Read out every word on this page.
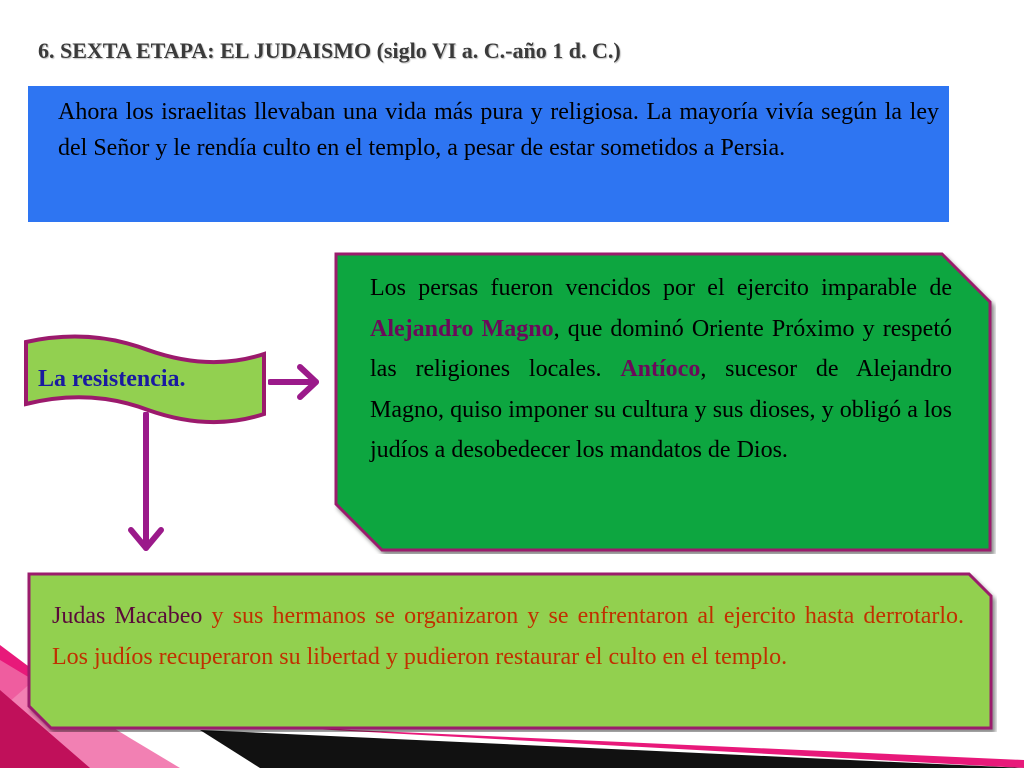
6. SEXTA ETAPA: EL JUDAISMO (siglo VI a. C.-año 1 d. C.)
Ahora los israelitas llevaban una vida más pura y religiosa. La mayoría vivía según la ley del Señor y le rendía culto en el templo, a pesar de estar sometidos a Persia.
La resistencia.
Los persas fueron vencidos por el ejercito imparable de Alejandro Magno, que dominó Oriente Próximo y respetó las religiones locales. Antíoco, sucesor de Alejandro Magno, quiso imponer su cultura y sus dioses, y obligó a los judíos a desobedecer los mandatos de Dios.
Judas Macabeo y sus hermanos se organizaron y se enfrentaron al ejercito hasta derrotarlo. Los judíos recuperaron su libertad y pudieron restaurar el culto en el templo.
